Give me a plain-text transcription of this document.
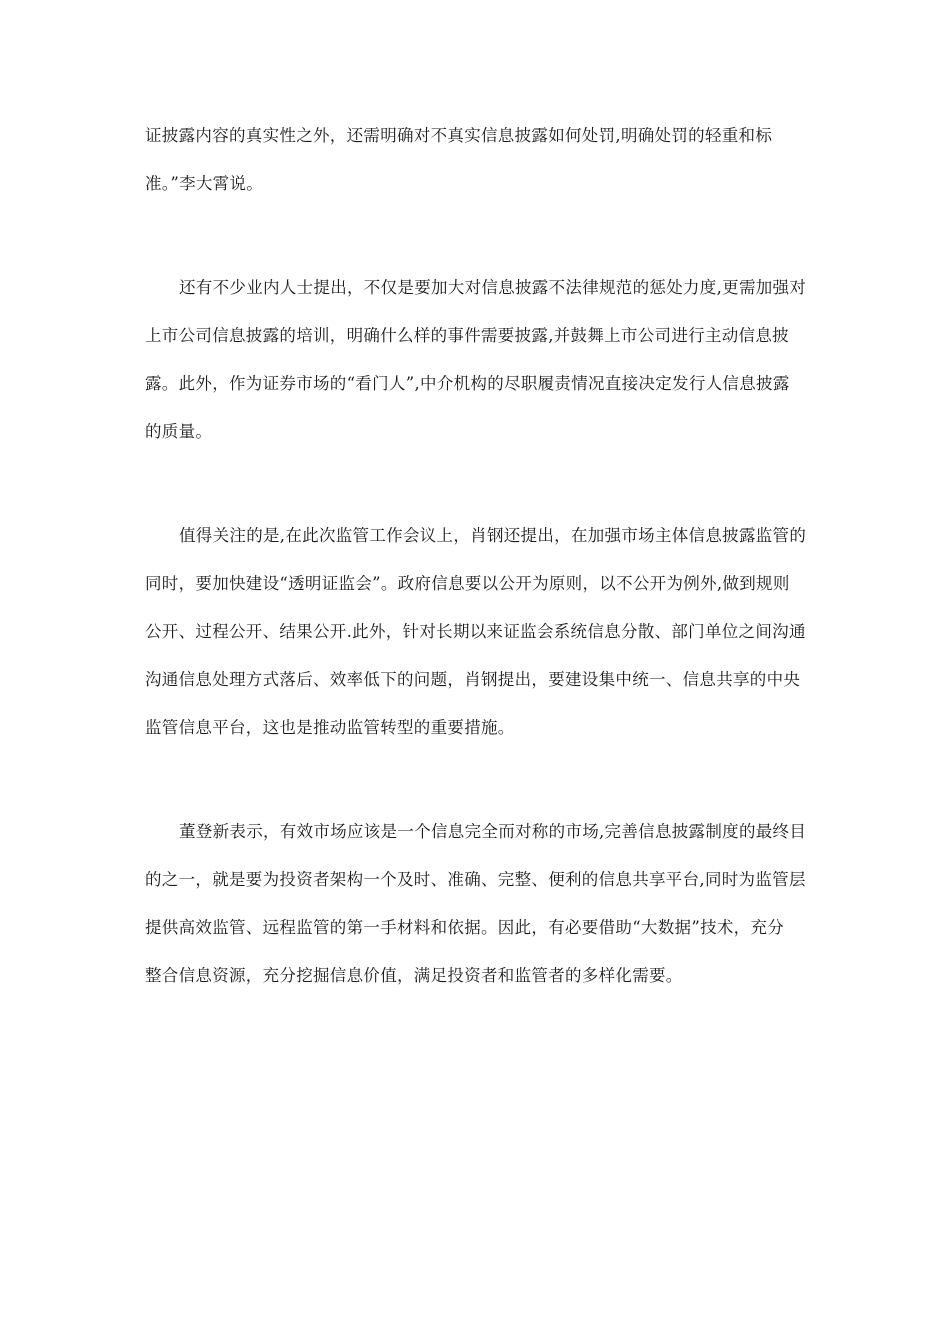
证披露内容的真实性之外，还需明确对不真实信息披露如何处罚,明确处罚的轻重和标
准。”李大霄说。
还有不少业内人士提出，不仅是要加大对信息披露不法律规范的惩处力度,更需加强对
上市公司信息披露的培训，明确什么样的事件需要披露,并鼓舞上市公司进行主动信息披
露。此外，作为证券市场的“看门人”,中介机构的尽职履责情况直接决定发行人信息披露
的质量。
值得关注的是,在此次监管工作会议上，肖钢还提出，在加强市场主体信息披露监管的
同时，要加快建设“透明证监会”。政府信息要以公开为原则，以不公开为例外,做到规则
公开、过程公开、结果公开.此外，针对长期以来证监会系统信息分散、部门单位之间沟通
沟通信息处理方式落后、效率低下的问题，肖钢提出，要建设集中统一、信息共享的中央
监管信息平台，这也是推动监管转型的重要措施。
董登新表示，有效市场应该是一个信息完全而对称的市场,完善信息披露制度的最终目
的之一，就是要为投资者架构一个及时、准确、完整、便利的信息共享平台,同时为监管层
提供高效监管、远程监管的第一手材料和依据。因此，有必要借助“大数据”技术，充分
整合信息资源，充分挖掘信息价值，满足投资者和监管者的多样化需要。
